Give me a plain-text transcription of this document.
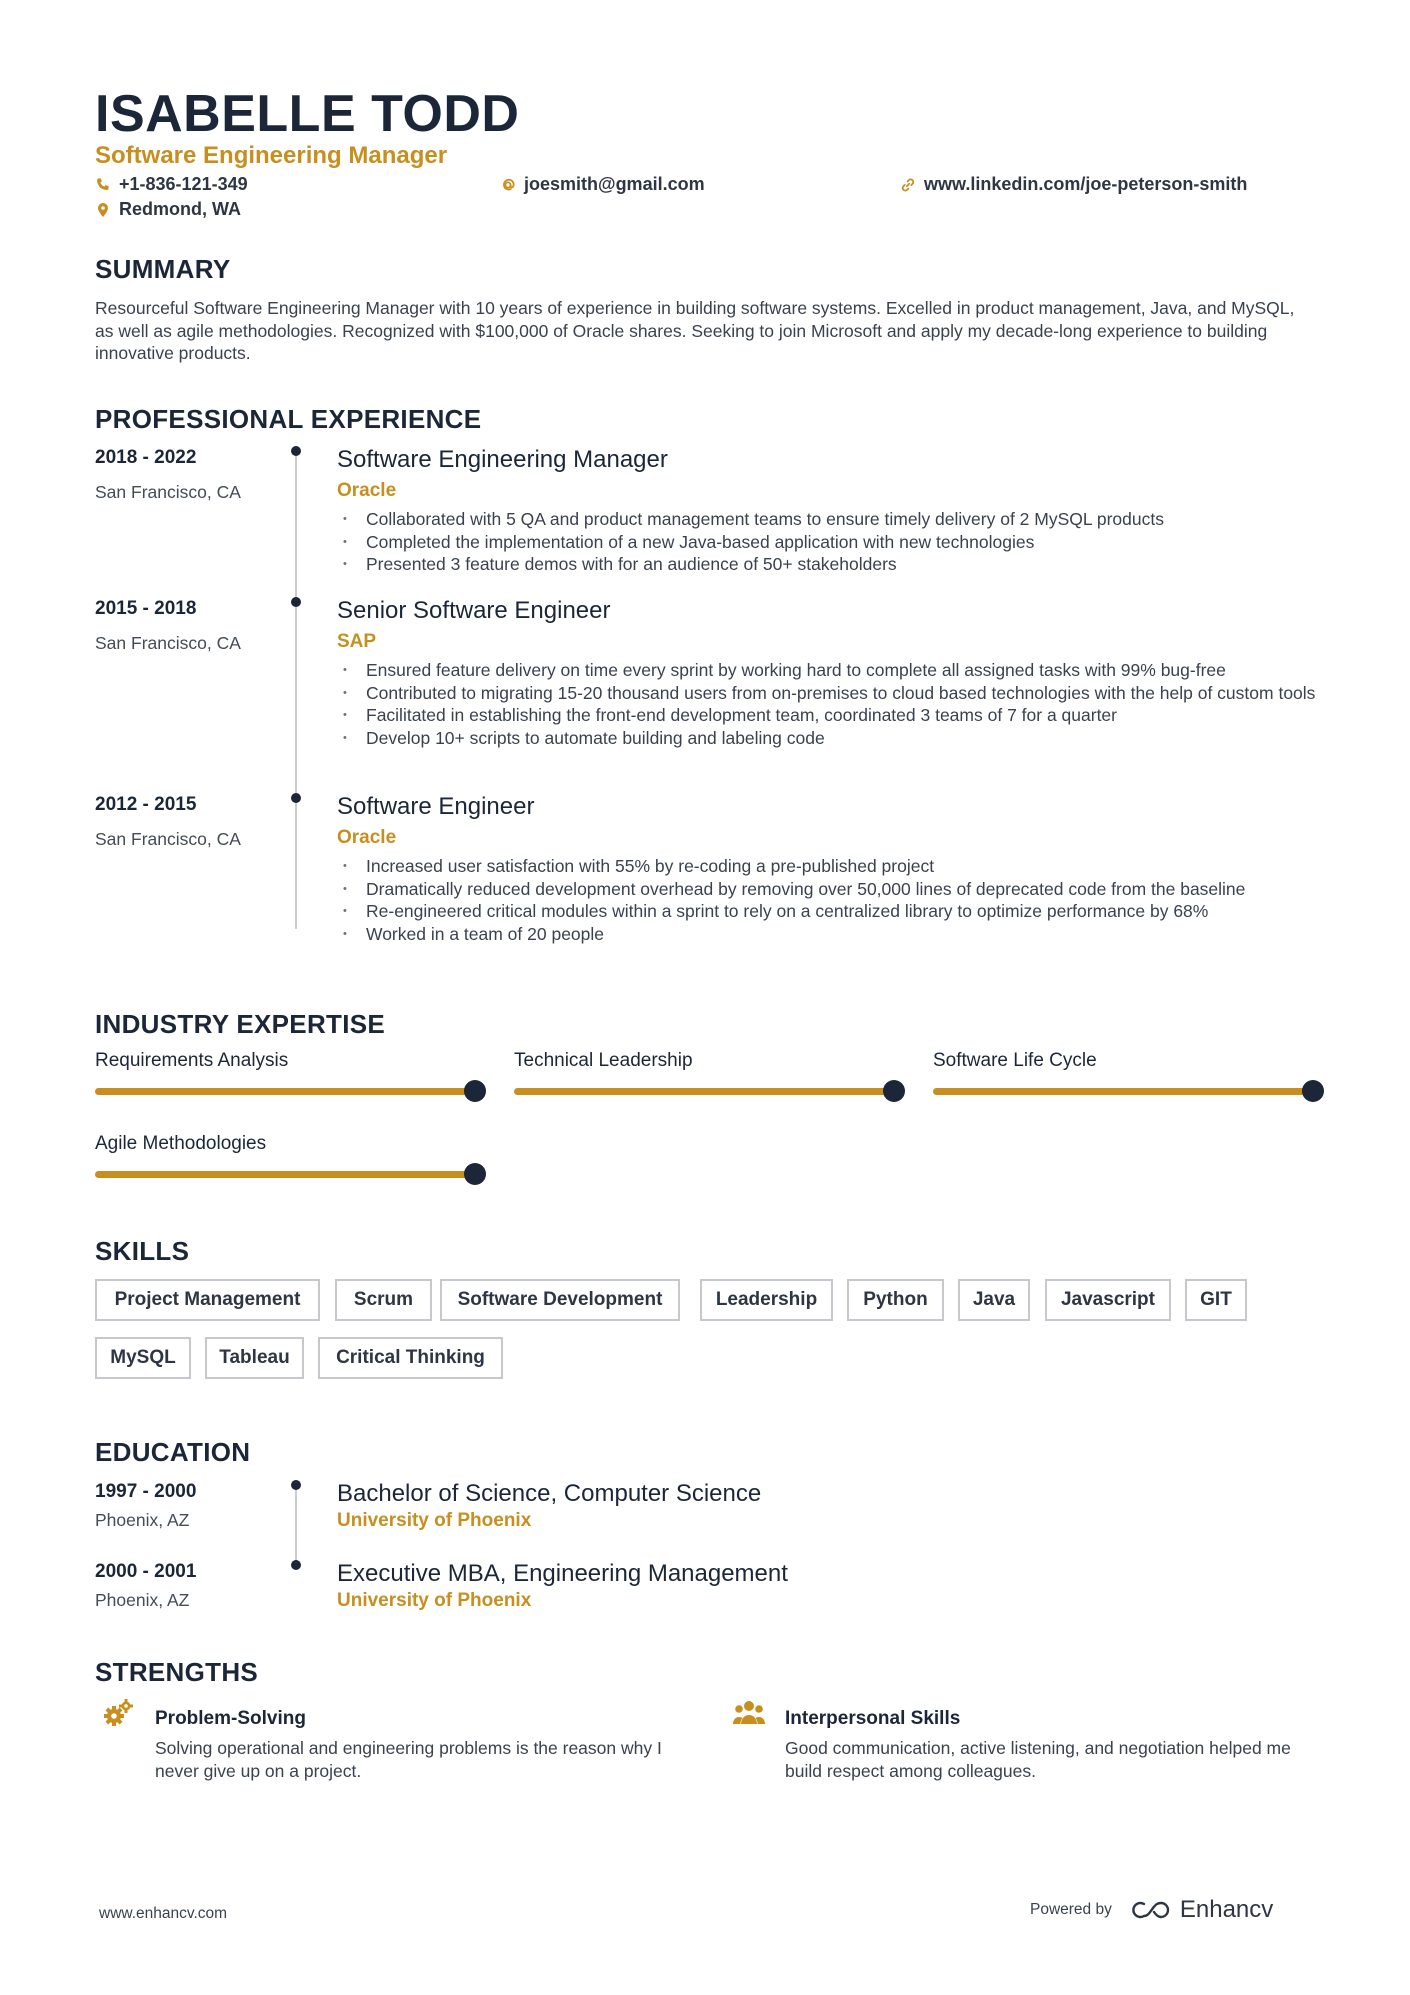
ISABELLE TODD
Software Engineering Manager
+1-836-121-349	joesmith@gmail.com	www.linkedin.com/joe-peterson-smith
Redmond, WA
SUMMARY
Resourceful Software Engineering Manager with 10 years of experience in building software systems. Excelled in product management, Java, and MySQL, as well as agile methodologies. Recognized with $100,000 of Oracle shares. Seeking to join Microsoft and apply my decade-long experience to building innovative products.
PROFESSIONAL EXPERIENCE
2018 - 2022
San Francisco, CA
Software Engineering Manager
Oracle
• Collaborated with 5 QA and product management teams to ensure timely delivery of 2 MySQL products
• Completed the implementation of a new Java-based application with new technologies
• Presented 3 feature demos with for an audience of 50+ stakeholders
2015 - 2018
San Francisco, CA
Senior Software Engineer
SAP
• Ensured feature delivery on time every sprint by working hard to complete all assigned tasks with 99% bug-free
• Contributed to migrating 15-20 thousand users from on-premises to cloud based technologies with the help of custom tools
• Facilitated in establishing the front-end development team, coordinated 3 teams of 7 for a quarter
• Develop 10+ scripts to automate building and labeling code
2012 - 2015
San Francisco, CA
Software Engineer
Oracle
• Increased user satisfaction with 55% by re-coding a pre-published project
• Dramatically reduced development overhead by removing over 50,000 lines of deprecated code from the baseline
• Re-engineered critical modules within a sprint to rely on a centralized library to optimize performance by 68%
• Worked in a team of 20 people
INDUSTRY EXPERTISE
Requirements Analysis	Technical Leadership	Software Life Cycle
Agile Methodologies
SKILLS
Project Management	Scrum	Software Development	Leadership	Python	Java	Javascript	GIT
MySQL	Tableau	Critical Thinking
EDUCATION
1997 - 2000
Phoenix, AZ
Bachelor of Science, Computer Science
University of Phoenix
2000 - 2001
Phoenix, AZ
Executive MBA, Engineering Management
University of Phoenix
STRENGTHS
Problem-Solving
Solving operational and engineering problems is the reason why I never give up on a project.
Interpersonal Skills
Good communication, active listening, and negotiation helped me build respect among colleagues.
www.enhancv.com	Powered by	Enhancv
